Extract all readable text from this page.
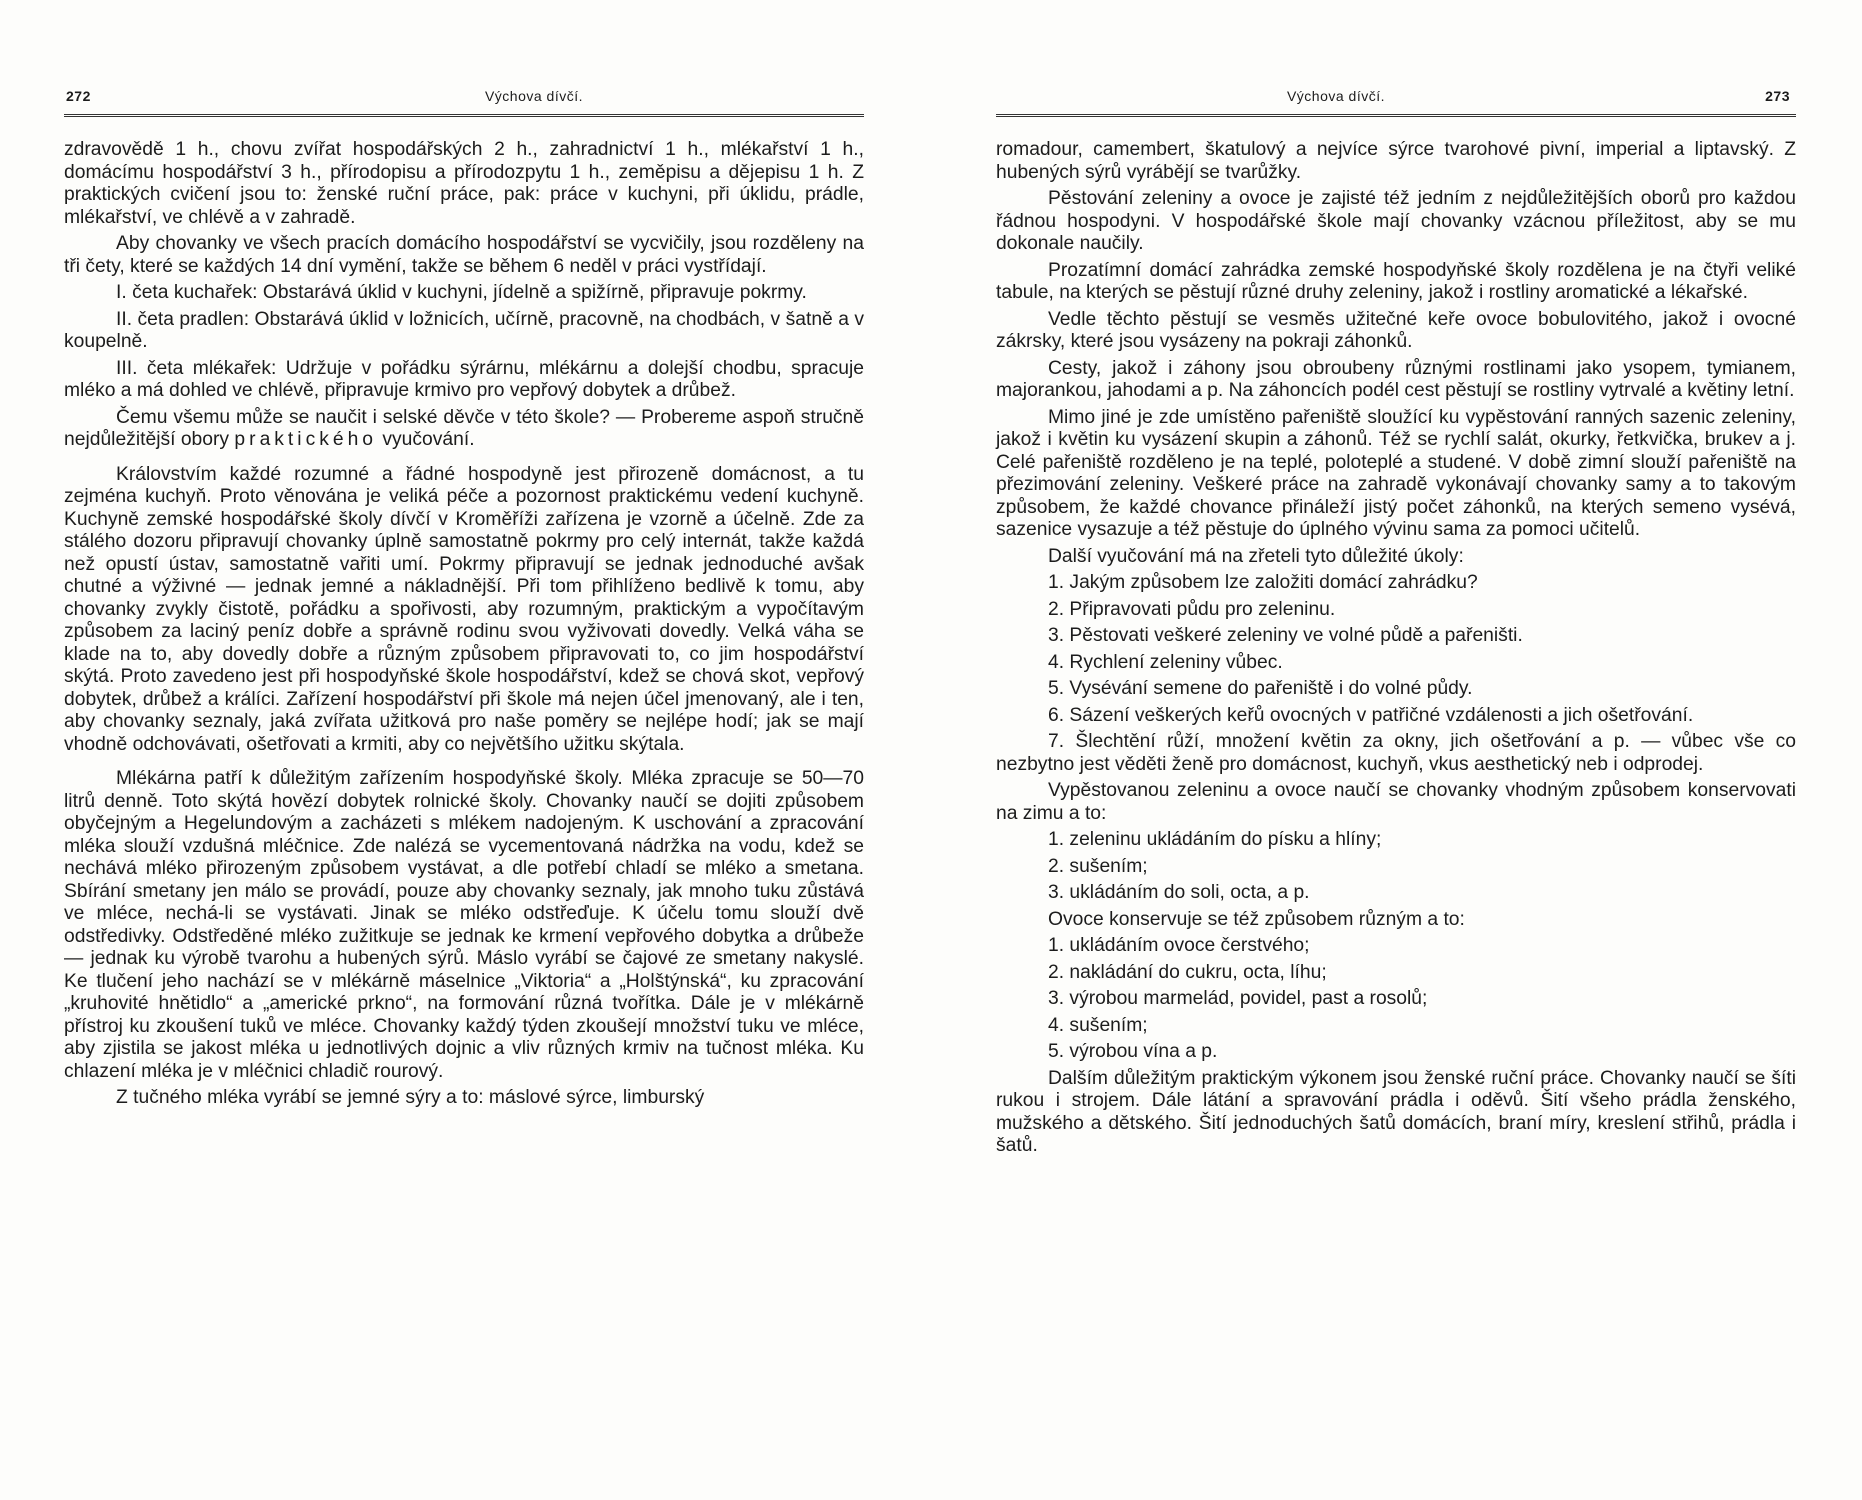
272	Výchova dívčí.

zdravovědě 1 h., chovu zvířat hospodářských 2 h., zahradnictví 1 h., mlékařství 1 h., domácímu hospodářství 3 h., přírodopisu a přírodozpytu 1 h., zeměpisu a dějepisu 1 h. Z praktických cvičení jsou to: ženské ruční práce, pak: práce v kuchyni, při úklidu, prádle, mlékařství, ve chlévě a v zahradě.

Aby chovanky ve všech pracích domácího hospodářství se vycvičily, jsou rozděleny na tři čety, které se každých 14 dní vymění, takže se během 6 neděl v práci vystřídají.

I. četa kuchařek: Obstarává úklid v kuchyni, jídelně a spižírně, připravuje pokrmy.

II. četa pradlen: Obstarává úklid v ložnicích, učírně, pracovně, na chodbách, v šatně a v koupelně.

III. četa mlékařek: Udržuje v pořádku sýrárnu, mlékárnu a dolejší chodbu, spracuje mléko a má dohled ve chlévě, připravuje krmivo pro vepřový dobytek a drůbež.

Čemu všemu může se naučit i selské děvče v této škole? — Probereme aspoň stručně nejdůležitější obory praktického vyučování.

Královstvím každé rozumné a řádné hospodyně jest přirozeně domácnost, a tu zejména kuchyň. Proto věnována je veliká péče a pozornost praktickému vedení kuchyně. Kuchyně zemské hospodářské školy dívčí v Kroměříži zařízena je vzorně a účelně. Zde za stálého dozoru připravují chovanky úplně samostatně pokrmy pro celý internát, takže každá než opustí ústav, samostatně vařiti umí. Pokrmy připravují se jednak jednoduché avšak chutné a výživné — jednak jemné a nákladnější. Při tom přihlíženo bedlivě k tomu, aby chovanky zvykly čistotě, pořádku a spořivosti, aby rozumným, praktickým a vypočítavým způsobem za laciný peníz dobře a správně rodinu svou vyživovati dovedly. Velká váha se klade na to, aby dovedly dobře a různým způsobem připravovati to, co jim hospodářství skýtá. Proto zavedeno jest při hospodyňské škole hospodářství, kdež se chová skot, vepřový dobytek, drůbež a králíci. Zařízení hospodářství při škole má nejen účel jmenovaný, ale i ten, aby chovanky seznaly, jaká zvířata užitková pro naše poměry se nejlépe hodí; jak se mají vhodně odchovávati, ošetřovati a krmiti, aby co největšího užitku skýtala.

Mlékárna patří k důležitým zařízením hospodyňské školy. Mléka zpracuje se 50—70 litrů denně. Toto skýtá hovězí dobytek rolnické školy. Chovanky naučí se dojiti způsobem obyčejným a Hegelundovým a zacházeti s mlékem nadojeným. K uschování a zpracování mléka slouží vzdušná mléčnice. Zde nalézá se vycementovaná nádržka na vodu, kdež se nechává mléko přirozeným způsobem vystávat, a dle potřebí chladí se mléko a smetana. Sbírání smetany jen málo se provádí, pouze aby chovanky seznaly, jak mnoho tuku zůstává ve mléce, nechá-li se vystávati. Jinak se mléko odstřeďuje. K účelu tomu slouží dvě odstředivky. Odstředěné mléko zužitkuje se jednak ke krmení vepřového dobytka a drůbeže — jednak ku výrobě tvarohu a hubených sýrů. Máslo vyrábí se čajové ze smetany nakyslé. Ke tlučení jeho nachází se v mlékárně máselnice „Viktoria“ a „Holštýnská“, ku zpracování „kruhovité hnětidlo“ a „americké prkno“, na formování různá tvořítka. Dále je v mlékárně přístroj ku zkoušení tuků ve mléce. Chovanky každý týden zkoušejí množství tuku ve mléce, aby zjistila se jakost mléka u jednotlivých dojnic a vliv různých krmiv na tučnost mléka. Ku chlazení mléka je v mléčnici chladič rourový.

Z tučného mléka vyrábí se jemné sýry a to: máslové sýrce, limburský

Výchova dívčí.	273

romadour, camembert, škatulový a nejvíce sýrce tvarohové pivní, imperial a liptavský. Z hubených sýrů vyrábějí se tvarůžky.

Pěstování zeleniny a ovoce je zajisté též jedním z nejdůležitějších oborů pro každou řádnou hospodyni. V hospodářské škole mají chovanky vzácnou příležitost, aby se mu dokonale naučily.

Prozatímní domácí zahrádka zemské hospodyňské školy rozdělena je na čtyři veliké tabule, na kterých se pěstují různé druhy zeleniny, jakož i rostliny aromatické a lékařské.

Vedle těchto pěstují se vesměs užitečné keře ovoce bobulovitého, jakož i ovocné zákrsky, které jsou vysázeny na pokraji záhonků.

Cesty, jakož i záhony jsou obroubeny různými rostlinami jako ysopem, tymianem, majorankou, jahodami a p. Na záhoncích podél cest pěstují se rostliny vytrvalé a květiny letní.

Mimo jiné je zde umístěno pařeniště sloužící ku vypěstování ranných sazenic zeleniny, jakož i květin ku vysázení skupin a záhonů. Též se rychlí salát, okurky, řetkvička, brukev a j. Celé pařeniště rozděleno je na teplé, poloteplé a studené. V době zimní slouží pařeniště na přezimování zeleniny. Veškeré práce na zahradě vykonávají chovanky samy a to takovým způsobem, že každé chovance přináleží jistý počet záhonků, na kterých semeno vysévá, sazenice vysazuje a též pěstuje do úplného vývinu sama za pomoci učitelů.

Další vyučování má na zřeteli tyto důležité úkoly:

1. Jakým způsobem lze založiti domácí zahrádku?

2. Připravovati půdu pro zeleninu.

3. Pěstovati veškeré zeleniny ve volné půdě a pařeništi.

4. Rychlení zeleniny vůbec.

5. Vysévání semene do pařeniště i do volné půdy.

6. Sázení veškerých keřů ovocných v patřičné vzdálenosti a jich ošetřování.

7. Šlechtění růží, množení květin za okny, jich ošetřování a p. — vůbec vše co nezbytno jest věděti ženě pro domácnost, kuchyň, vkus aesthetický neb i odprodej.

Vypěstovanou zeleninu a ovoce naučí se chovanky vhodným způsobem konservovati na zimu a to:

1. zeleninu ukládáním do písku a hlíny;

2. sušením;

3. ukládáním do soli, octa, a p.

Ovoce konservuje se též způsobem různým a to:

1. ukládáním ovoce čerstvého;

2. nakládání do cukru, octa, líhu;

3. výrobou marmelád, povidel, past a rosolů;

4. sušením;

5. výrobou vína a p.

Dalším důležitým praktickým výkonem jsou ženské ruční práce. Chovanky naučí se šíti rukou i strojem. Dále látání a spravování prádla i oděvů. Šití všeho prádla ženského, mužského a dětského. Šití jednoduchých šatů domácích, braní míry, kreslení střihů, prádla i šatů.
